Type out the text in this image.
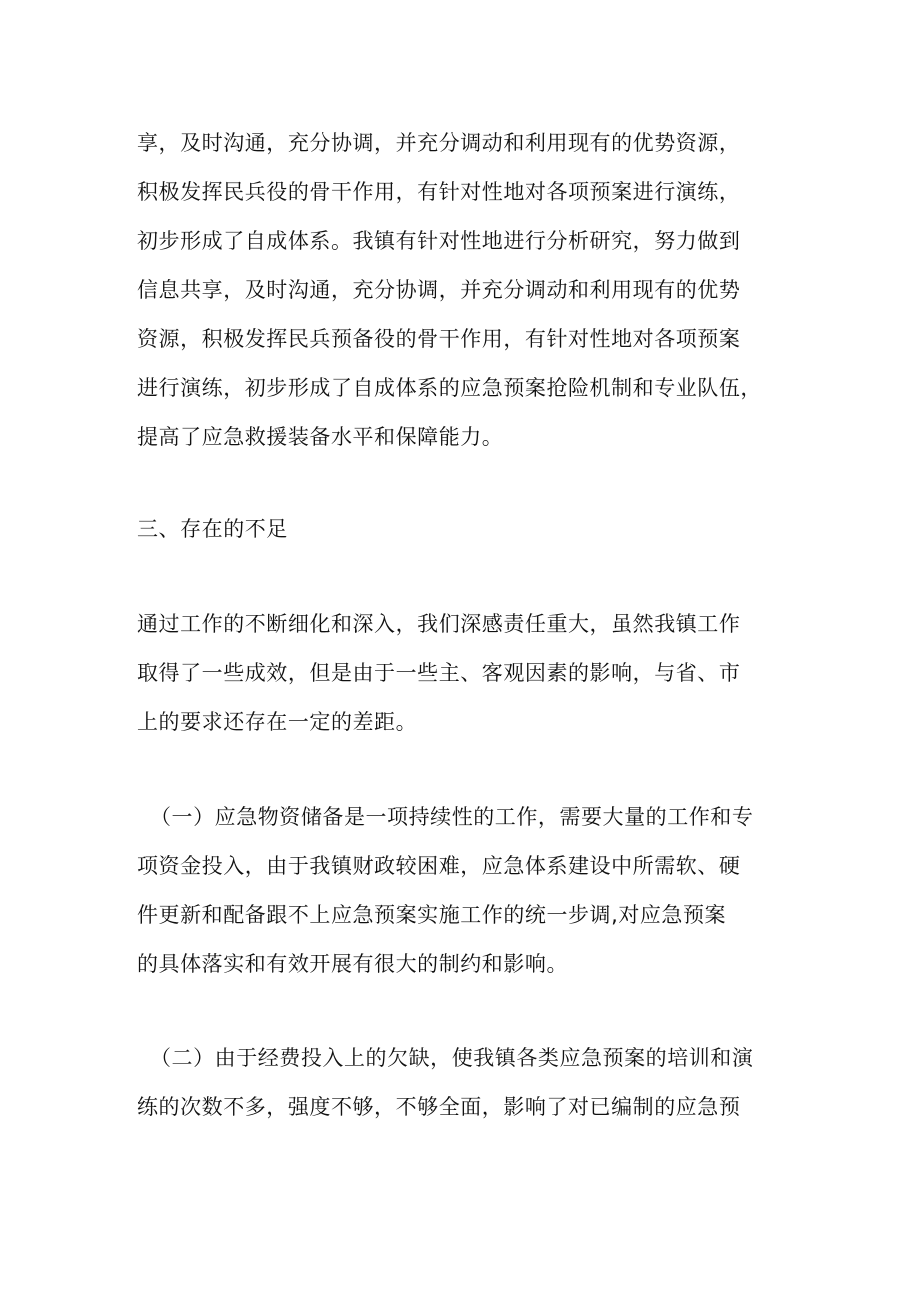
享，及时沟通，充分协调，并充分调动和利用现有的优势资源，
积极发挥民兵役的骨干作用，有针对性地对各项预案进行演练，
初步形成了自成体系。我镇有针对性地进行分析研究，努力做到
信息共享，及时沟通，充分协调，并充分调动和利用现有的优势
资源，积极发挥民兵预备役的骨干作用，有针对性地对各项预案
进行演练，初步形成了自成体系的应急预案抢险机制和专业队伍，
提高了应急救援装备水平和保障能力。
三、存在的不足
通过工作的不断细化和深入，我们深感责任重大，虽然我镇工作
取得了一些成效，但是由于一些主、客观因素的影响，与省、市
上的要求还存在一定的差距。
（一）应急物资储备是一项持续性的工作，需要大量的工作和专
项资金投入，由于我镇财政较困难，应急体系建设中所需软、硬
件更新和配备跟不上应急预案实施工作的统一步调,对应急预案
的具体落实和有效开展有很大的制约和影响。
（二）由于经费投入上的欠缺，使我镇各类应急预案的培训和演
练的次数不多，强度不够，不够全面，影响了对已编制的应急预
